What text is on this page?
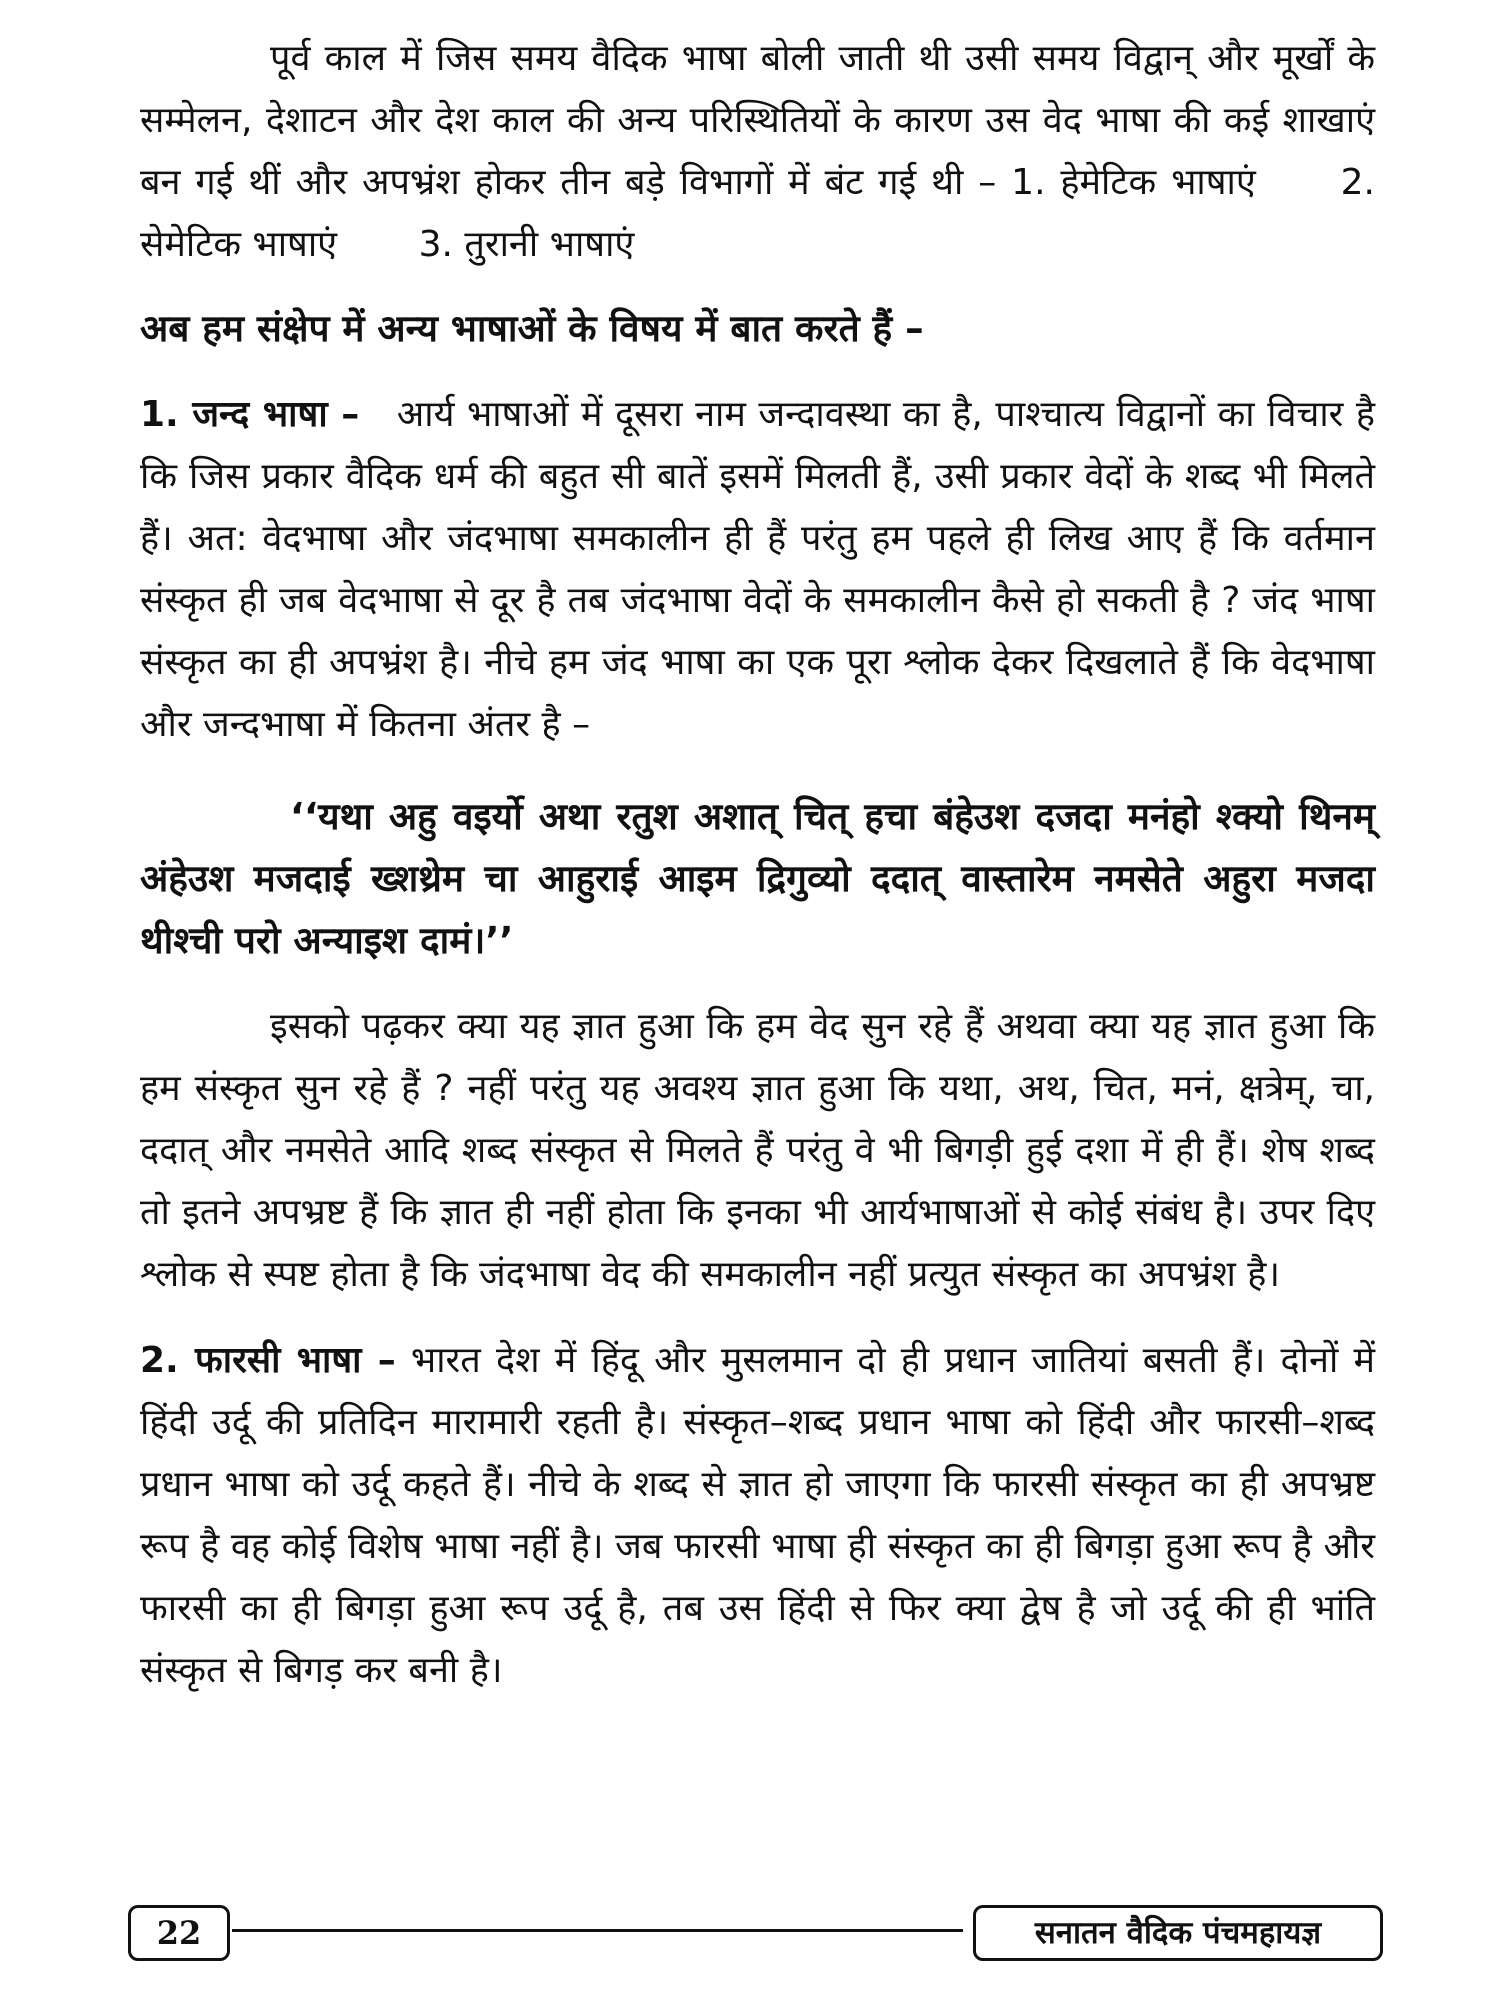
पूर्व काल में जिस समय वैदिक भाषा बोली जाती थी उसी समय विद्वान् और मूर्खों के सम्मेलन, देशाटन और देश काल की अन्य परिस्थितियों के कारण उस वेद भाषा की कई शाखाएं बन गई थीं और अपभ्रंश होकर तीन बड़े विभागों में बंट गई थी – 1. हेमेटिक भाषाएं 2. सेमेटिक भाषाएं 3. तुरानी भाषाएं

अब हम संक्षेप में अन्य भाषाओं के विषय में बात करते हैं –

1. जन्द भाषा – आर्य भाषाओं में दूसरा नाम जन्दावस्था का है, पाश्चात्य विद्वानों का विचार है कि जिस प्रकार वैदिक धर्म की बहुत सी बातें इसमें मिलती हैं, उसी प्रकार वेदों के शब्द भी मिलते हैं। अत: वेदभाषा और जंदभाषा समकालीन ही हैं परंतु हम पहले ही लिख आए हैं कि वर्तमान संस्कृत ही जब वेदभाषा से दूर है तब जंदभाषा वेदों के समकालीन कैसे हो सकती है ? जंद भाषा संस्कृत का ही अपभ्रंश है। नीचे हम जंद भाषा का एक पूरा श्लोक देकर दिखलाते हैं कि वेदभाषा और जन्दभाषा में कितना अंतर है –

‘‘यथा अहु वइर्यो अथा रतुश अशात् चित् हचा बंहेउश दजदा मनंहो श्क्यो थिनम् अंहेउश मजदाई ख्शथ्रेम चा आहुराई आइम द्रिगुव्यो ददात् वास्तारेम नमसेते अहुरा मजदा थीश्ची परो अन्याइश दामं।’’

इसको पढ़कर क्या यह ज्ञात हुआ कि हम वेद सुन रहे हैं अथवा क्या यह ज्ञात हुआ कि हम संस्कृत सुन रहे हैं ? नहीं परंतु यह अवश्य ज्ञात हुआ कि यथा, अथ, चित, मनं, क्षत्रेम्, चा, ददात् और नमसेते आदि शब्द संस्कृत से मिलते हैं परंतु वे भी बिगड़ी हुई दशा में ही हैं। शेष शब्द तो इतने अपभ्रष्ट हैं कि ज्ञात ही नहीं होता कि इनका भी आर्यभाषाओं से कोई संबंध है। उपर दिए श्लोक से स्पष्ट होता है कि जंदभाषा वेद की समकालीन नहीं प्रत्युत संस्कृत का अपभ्रंश है।

2. फारसी भाषा – भारत देश में हिंदू और मुसलमान दो ही प्रधान जातियां बसती हैं। दोनों में हिंदी उर्दू की प्रतिदिन मारामारी रहती है। संस्कृत–शब्द प्रधान भाषा को हिंदी और फारसी–शब्द प्रधान भाषा को उर्दू कहते हैं। नीचे के शब्द से ज्ञात हो जाएगा कि फारसी संस्कृत का ही अपभ्रष्ट रूप है वह कोई विशेष भाषा नहीं है। जब फारसी भाषा ही संस्कृत का ही बिगड़ा हुआ रूप है और फारसी का ही बिगड़ा हुआ रूप उर्दू है, तब उस हिंदी से फिर क्या द्वेष है जो उर्दू की ही भांति संस्कृत से बिगड़ कर बनी है।

22	सनातन वैदिक पंचमहायज्ञ
